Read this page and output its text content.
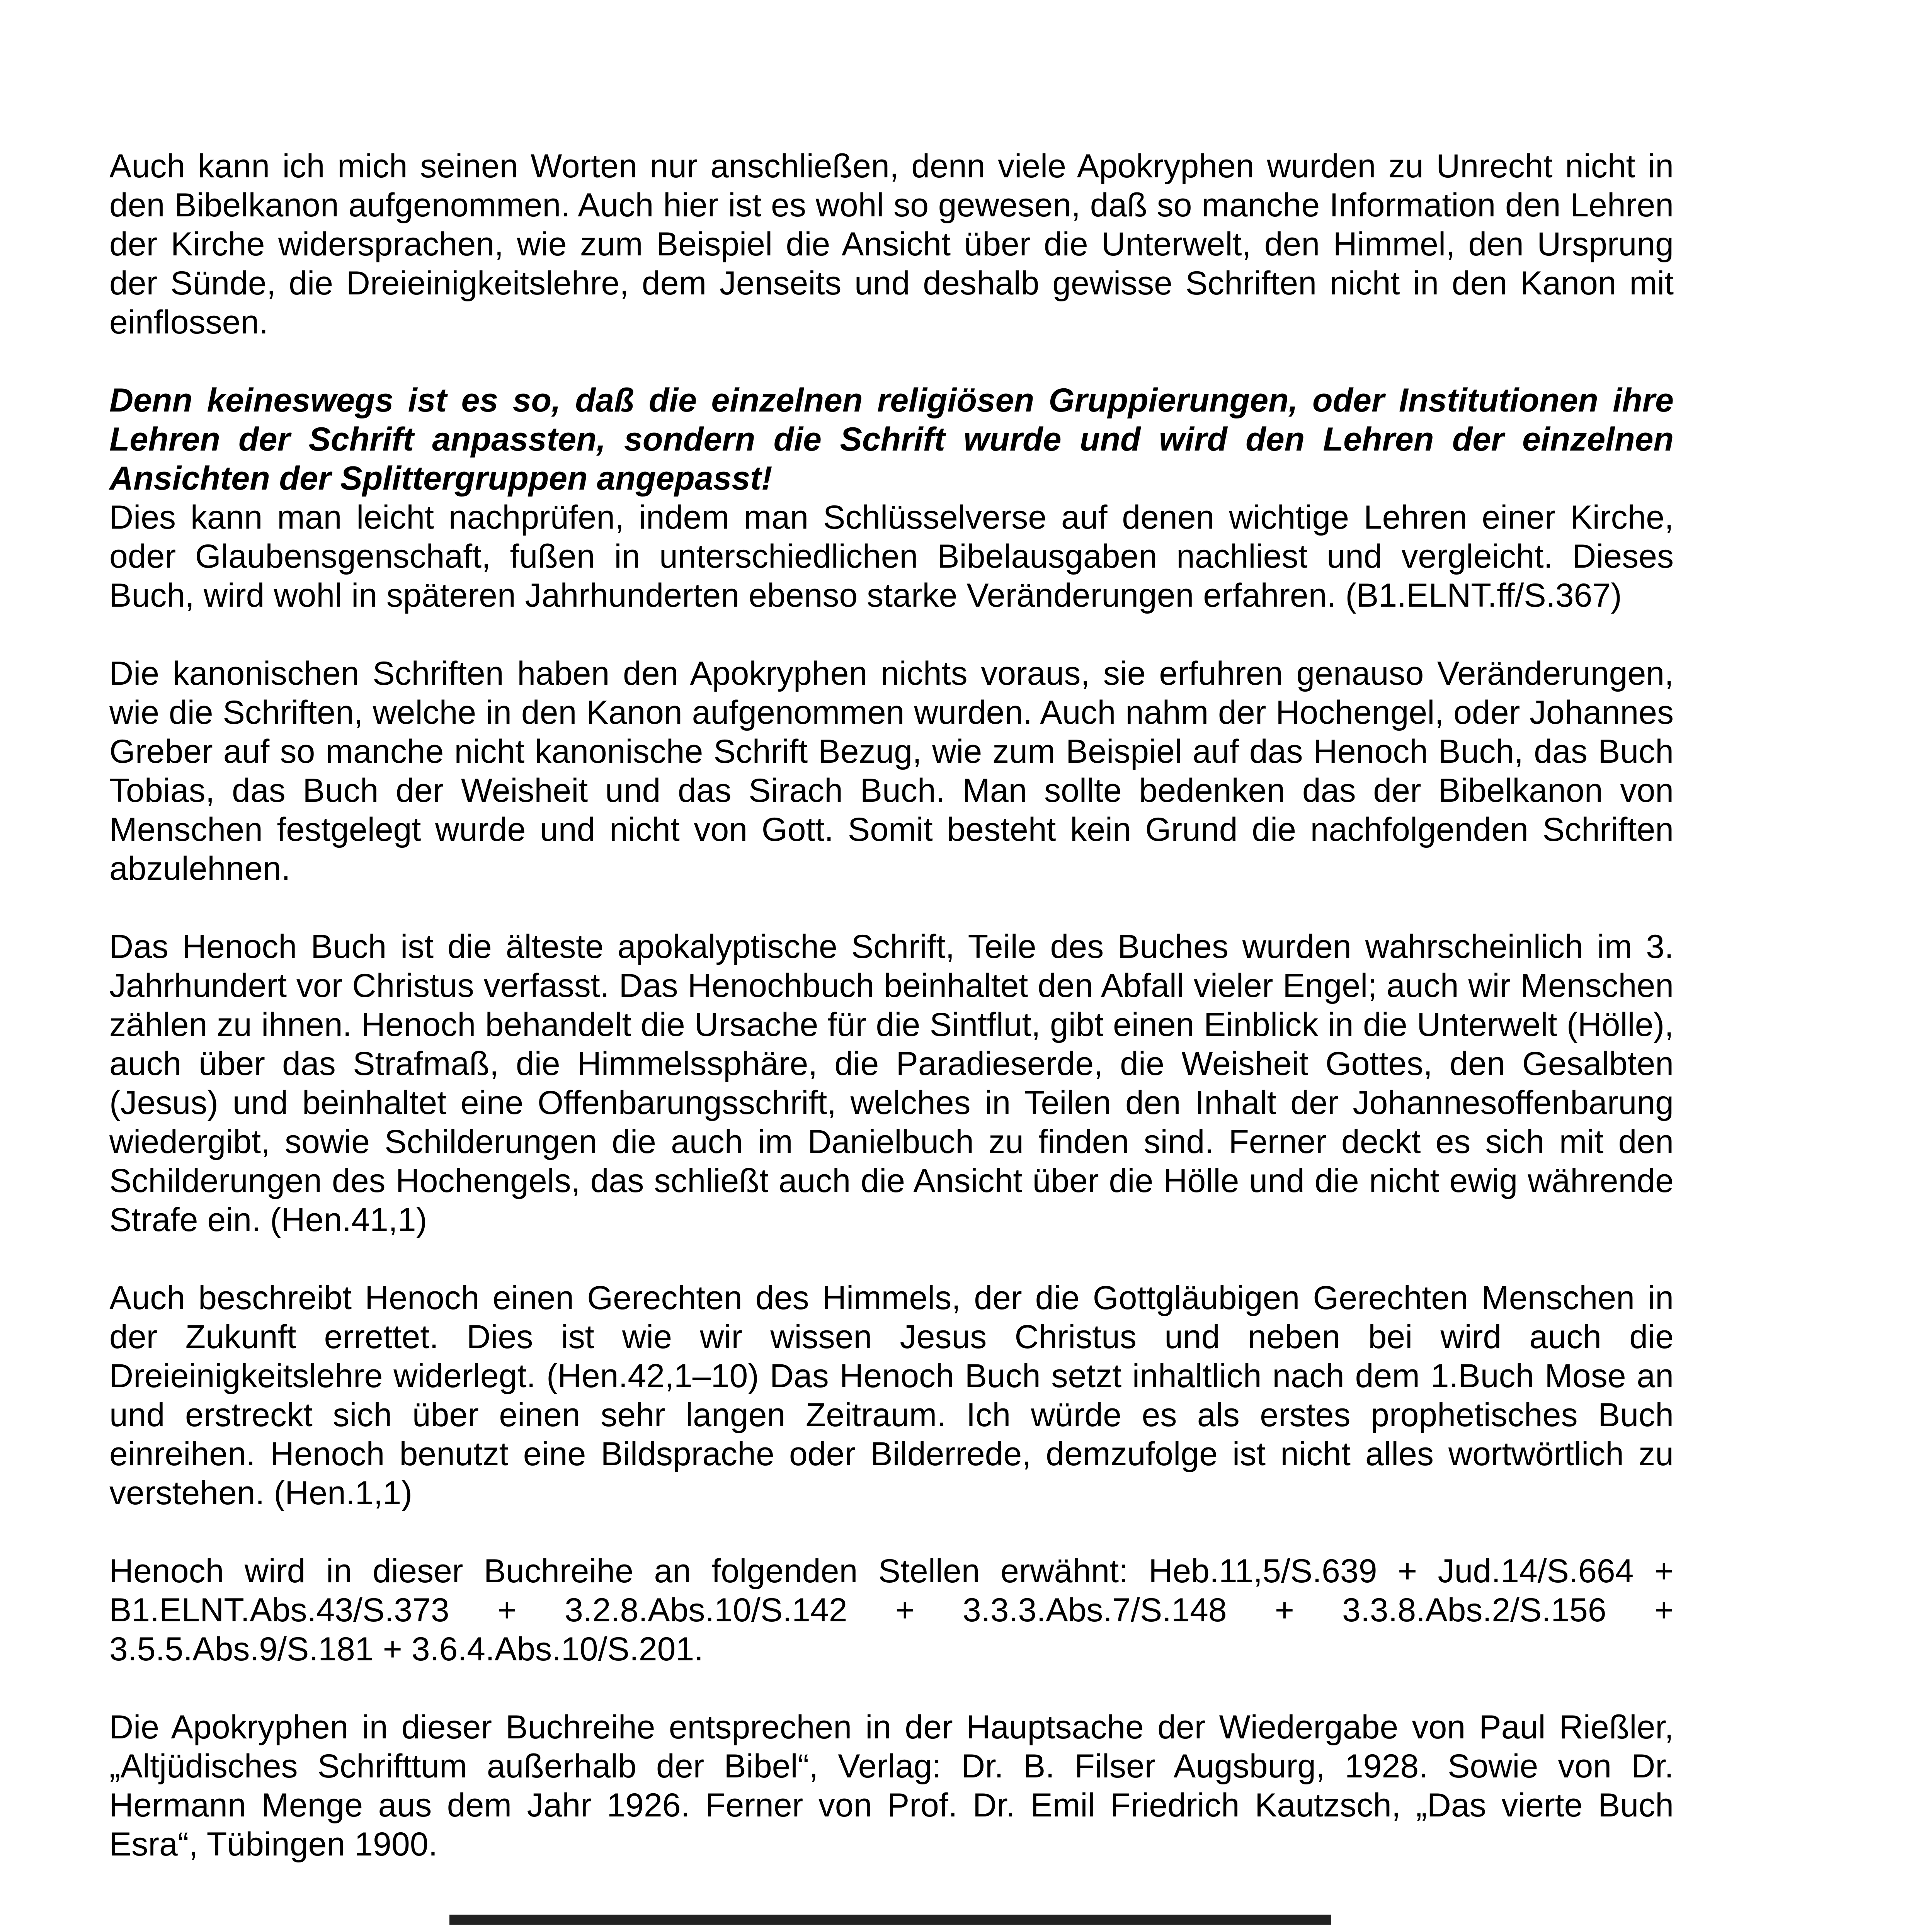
Auch kann ich mich seinen Worten nur anschließen, denn viele Apokryphen wurden zu Unrecht nicht in den Bibelkanon aufgenommen. Auch hier ist es wohl so gewesen, daß so manche Information den Lehren der Kirche widersprachen, wie zum Beispiel die Ansicht über die Unterwelt, den Himmel, den Ursprung der Sünde, die Dreieinigkeitslehre, dem Jenseits und deshalb gewisse Schriften nicht in den Kanon mit einflossen.

Denn keineswegs ist es so, daß die einzelnen religiösen Gruppierungen, oder Institutionen ihre Lehren der Schrift anpassten, sondern die Schrift wurde und wird den Lehren der einzelnen Ansichten der Splittergruppen angepasst!

Dies kann man leicht nachprüfen, indem man Schlüsselverse auf denen wichtige Lehren einer Kirche, oder Glaubensgenschaft, fußen in unterschiedlichen Bibelausgaben nachliest und vergleicht. Dieses Buch, wird wohl in späteren Jahrhunderten ebenso starke Veränderungen erfahren. (B1.ELNT.ff/S.367)

Die kanonischen Schriften haben den Apokryphen nichts voraus, sie erfuhren genauso Veränderungen, wie die Schriften, welche in den Kanon aufgenommen wurden. Auch nahm der Hochengel, oder Johannes Greber auf so manche nicht kanonische Schrift Bezug, wie zum Beispiel auf das Henoch Buch, das Buch Tobias, das Buch der Weisheit und das Sirach Buch. Man sollte bedenken das der Bibelkanon von Menschen festgelegt wurde und nicht von Gott. Somit besteht kein Grund die nachfolgenden Schriften abzulehnen.

Das Henoch Buch ist die älteste apokalyptische Schrift, Teile des Buches wurden wahrscheinlich im 3. Jahrhundert vor Christus verfasst. Das Henochbuch beinhaltet den Abfall vieler Engel; auch wir Menschen zählen zu ihnen. Henoch behandelt die Ursache für die Sintflut, gibt einen Einblick in die Unterwelt (Hölle), auch über das Strafmaß, die Himmelssphäre, die Paradieserde, die Weisheit Gottes, den Gesalbten (Jesus) und beinhaltet eine Offenbarungsschrift, welches in Teilen den Inhalt der Johannesoffenbarung wiedergibt, sowie Schilderungen die auch im Danielbuch zu finden sind. Ferner deckt es sich mit den Schilderungen des Hochengels, das schließt auch die Ansicht über die Hölle und die nicht ewig währende Strafe ein. (Hen.41,1)

Auch beschreibt Henoch einen Gerechten des Himmels, der die Gottgläubigen Gerechten Menschen in der Zukunft errettet. Dies ist wie wir wissen Jesus Christus und neben bei wird auch die Dreieinigkeitslehre widerlegt. (Hen.42,1–10) Das Henoch Buch setzt inhaltlich nach dem 1.Buch Mose an und erstreckt sich über einen sehr langen Zeitraum. Ich würde es als erstes prophetisches Buch einreihen. Henoch benutzt eine Bildsprache oder Bilderrede, demzufolge ist nicht alles wortwörtlich zu verstehen. (Hen.1,1)

Henoch wird in dieser Buchreihe an folgenden Stellen erwähnt: Heb.11,5/S.639 + Jud.14/S.664 + B1.ELNT.Abs.43/S.373 + 3.2.8.Abs.10/S.142 + 3.3.3.Abs.7/S.148 + 3.3.8.Abs.2/S.156 + 3.5.5.Abs.9/S.181 + 3.6.4.Abs.10/S.201.

Die Apokryphen in dieser Buchreihe entsprechen in der Hauptsache der Wiedergabe von Paul Rießler, „Altjüdisches Schrifttum außerhalb der Bibel“, Verlag: Dr. B. Filser Augsburg, 1928. Sowie von Dr. Hermann Menge aus dem Jahr 1926. Ferner von Prof. Dr. Emil Friedrich Kautzsch, „Das vierte Buch Esra“, Tübingen 1900.
